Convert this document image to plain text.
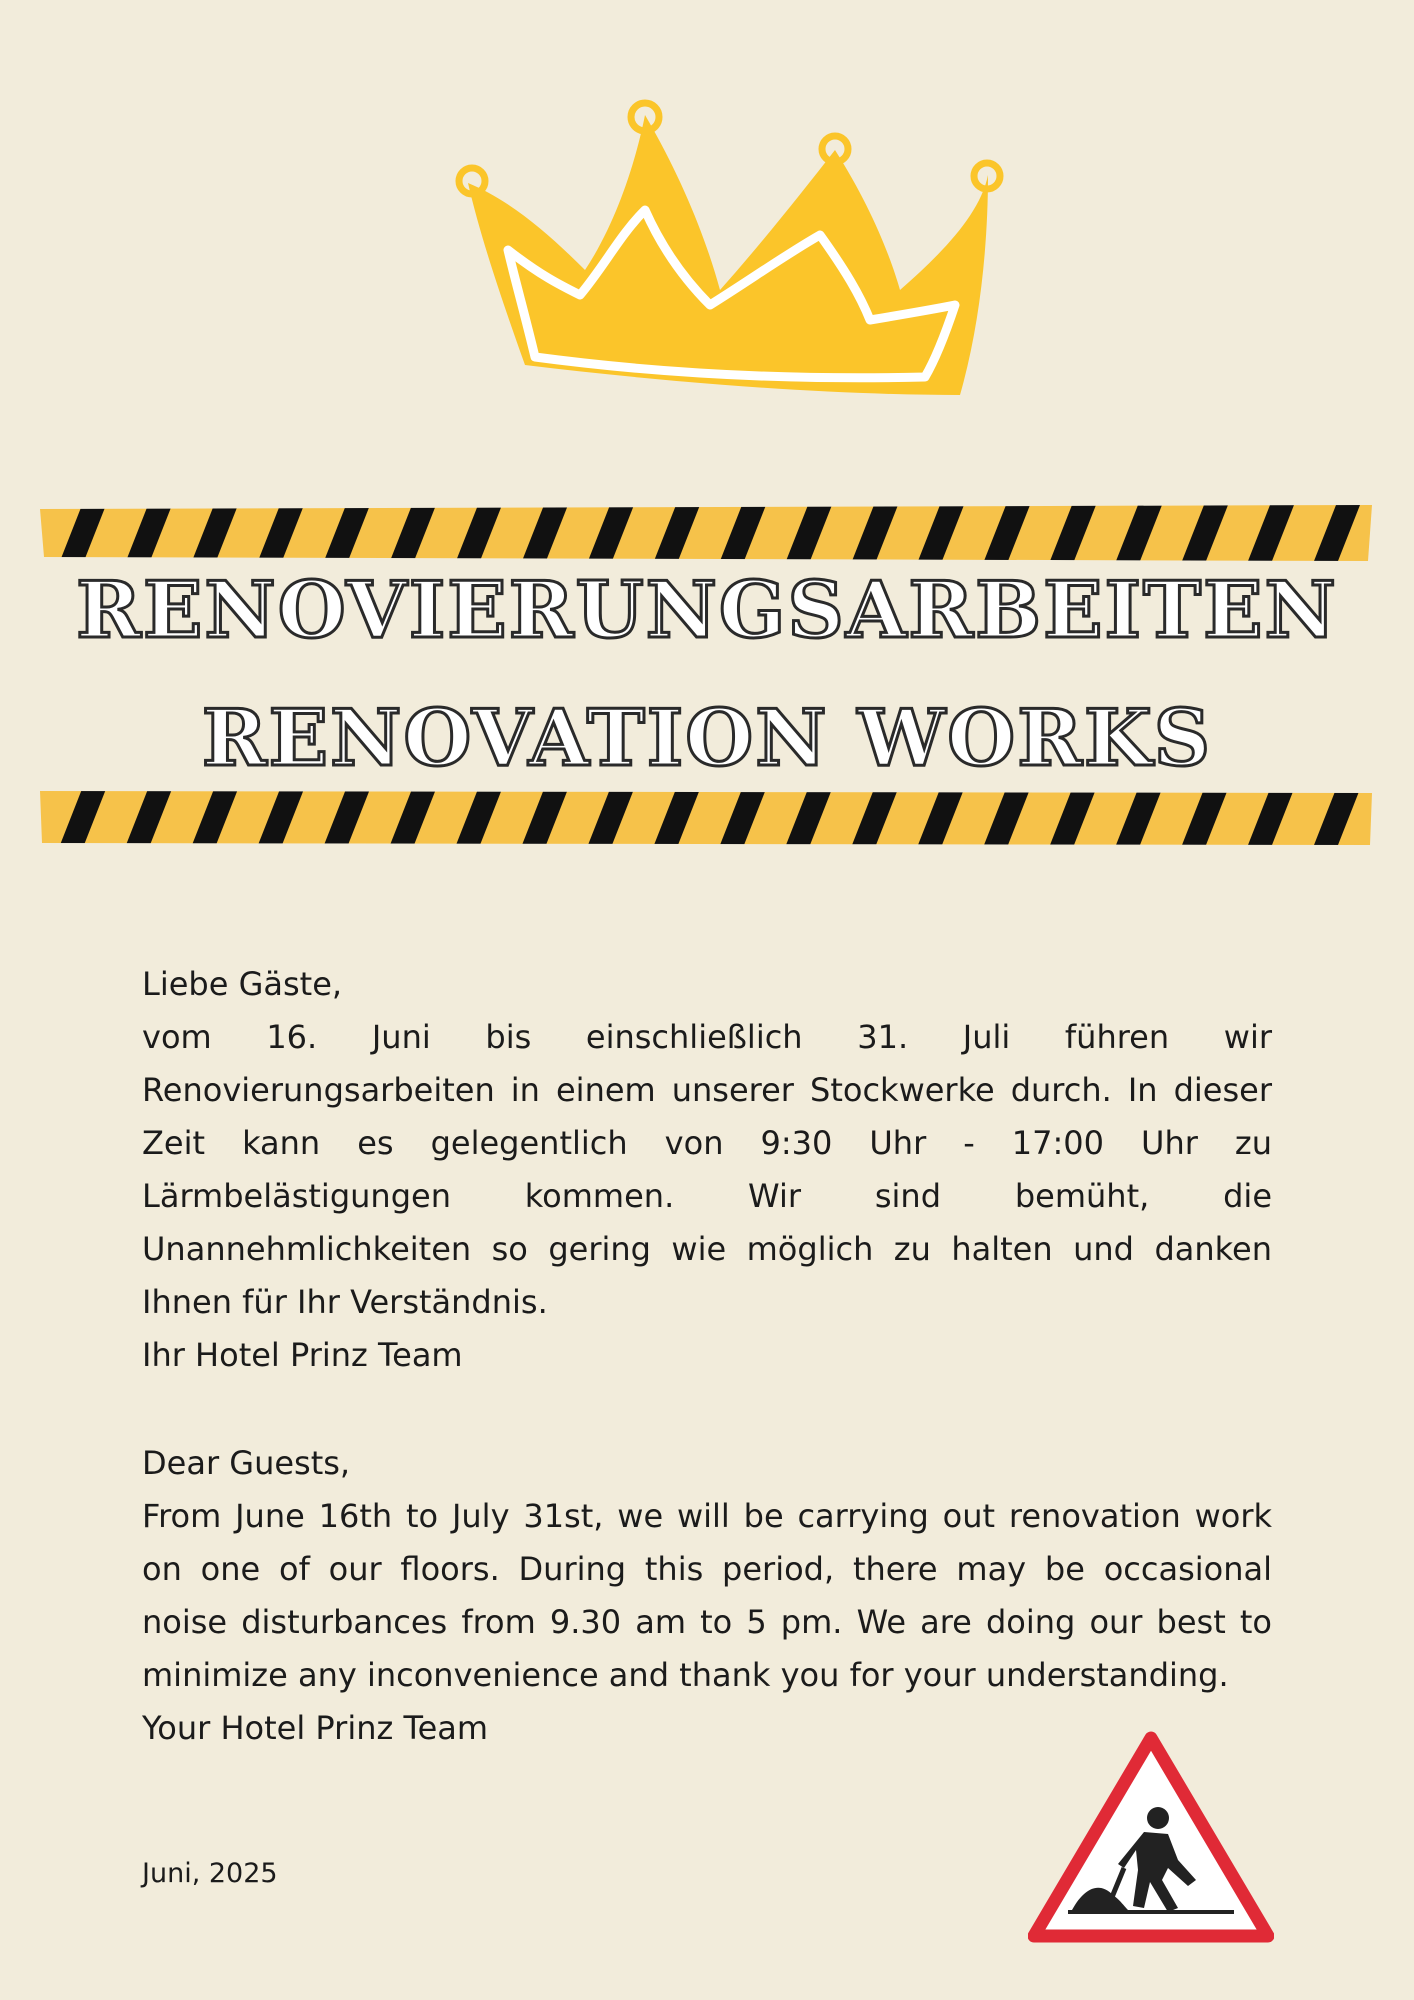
RENOVIERUNGSARBEITEN
RENOVATION WORKS

Liebe Gäste,

vom 16. Juni bis einschließlich 31. Juli führen wir Renovierungsarbeiten in einem unserer Stockwerke durch. In dieser Zeit kann es gelegentlich von 9:30 Uhr - 17:00 Uhr zu Lärmbelästigungen kommen. Wir sind bemüht, die Unannehmlichkeiten so gering wie möglich zu halten und danken Ihnen für Ihr Verständnis.

Ihr Hotel Prinz Team

Dear Guests,

From June 16th to July 31st, we will be carrying out renovation work on one of our floors. During this period, there may be occasional noise disturbances from 9.30 am to 5 pm. We are doing our best to minimize any inconvenience and thank you for your understanding.

Your Hotel Prinz Team

Juni, 2025
